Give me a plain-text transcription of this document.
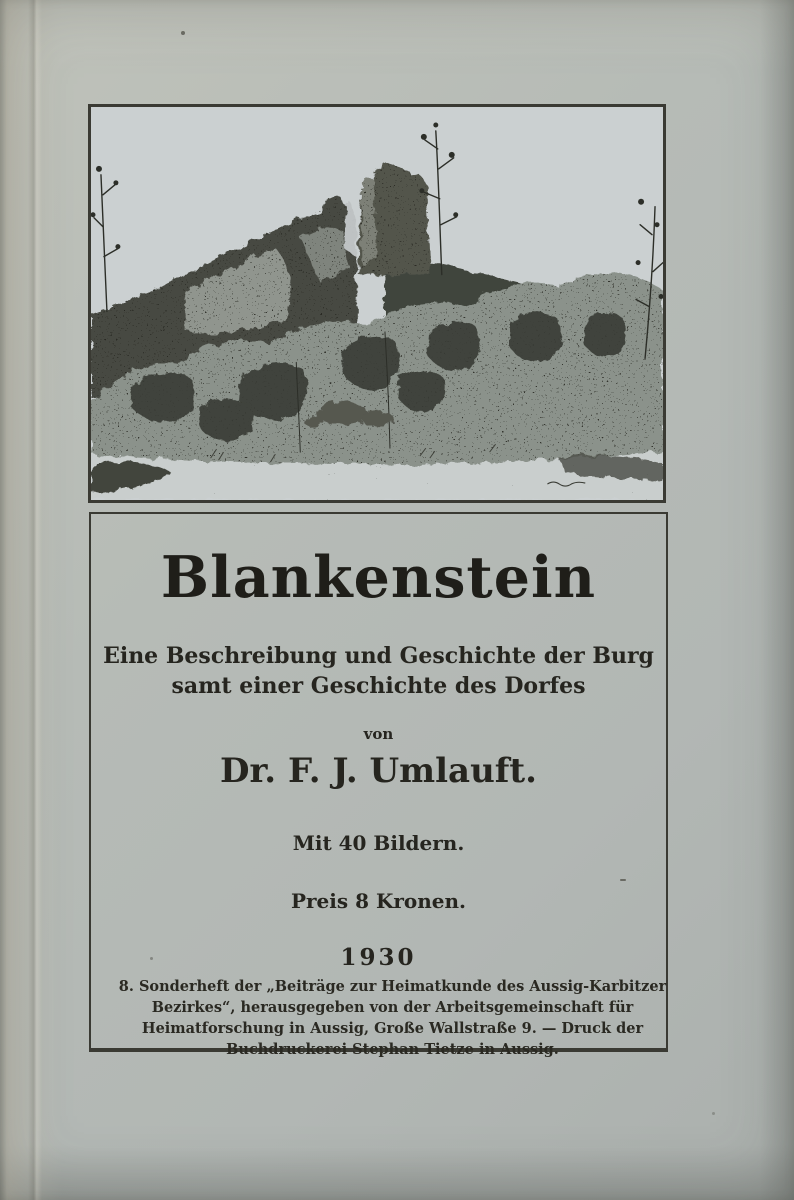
Blankenstein
Eine Beschreibung und Geschichte der Burg
samt einer Geschichte des Dorfes
von
Dr. F. J. Umlauft.
Mit 40 Bildern.
Preis 8 Kronen.
1930
8. Sonderheft der „Beiträge zur Heimatkunde des Aussig-Karbitzer Bezirkes“, herausgegeben von der Arbeitsgemeinschaft für Heimatforschung in Aussig, Große Wallstraße 9. — Druck der Buchdruckerei Stephan Tietze in Aussig.
